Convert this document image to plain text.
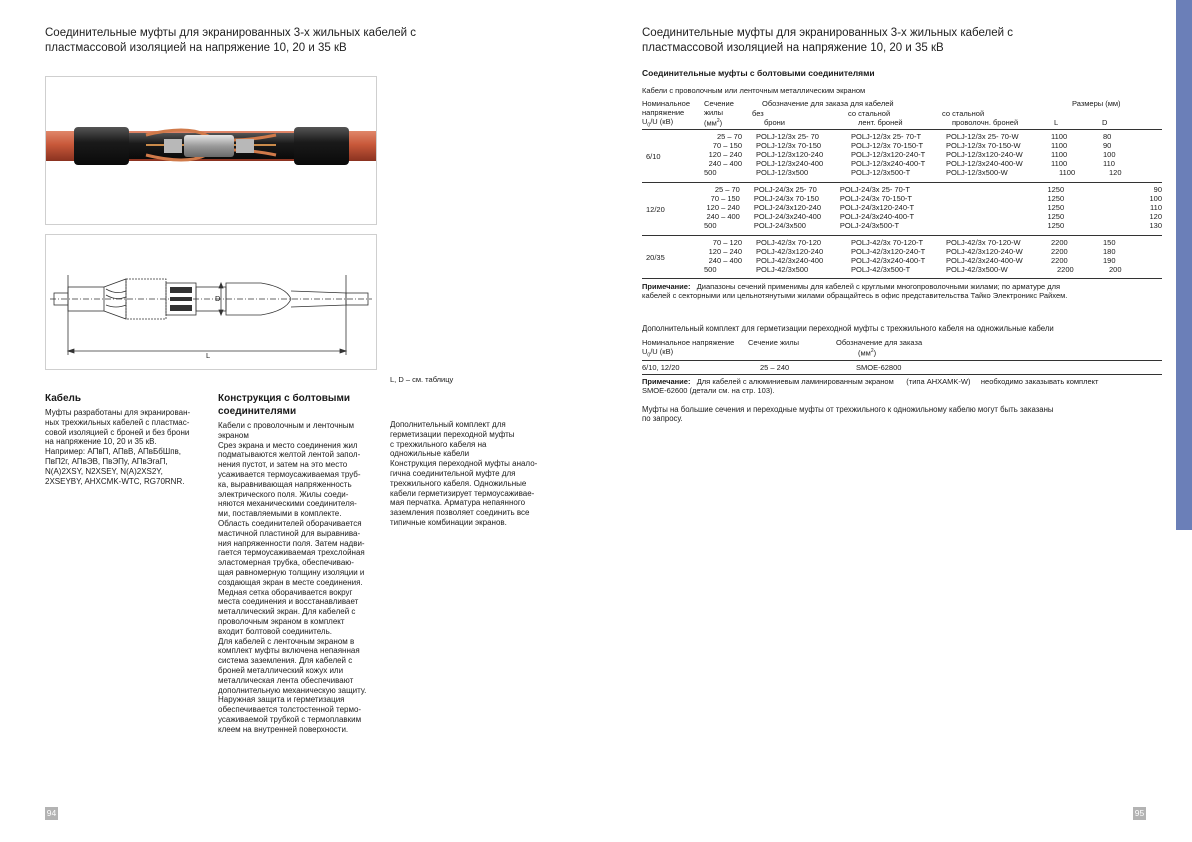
Соединительные муфты для экранированных 3-х жильных кабелей с
пластмассовой изоляцией на напряжение 10, 20 и 35 кВ
D
L
L, D – см. таблицу
Кабель
Муфты разработаны для экранирован-
ных трехжильных кабелей с пластмас-
совой изоляцией с броней и без брони
на напряжение 10, 20 и 35 кВ.
Например: АПвП, АПвВ, АПвБбШпв,
ПвП2г, АПвЭВ, ПвЭПу, АПвЭгаП,
N(A)2XSY, N2XSEY, N(A)2XS2Y,
2XSEYBY, AHXCMK-WTC, RG70RNR.
Конструкция с болтовыми
соединителями
Кабели с проволочным и ленточным
экраном
Срез экрана и место соединения жил
подматываются желтой лентой запол-
нения пустот, и затем на это место
усаживается термоусаживаемая труб-
ка, выравнивающая напряженность
электрического поля. Жилы соеди-
няются механическими соединителя-
ми, поставляемыми в комплекте.
Область соединителей оборачивается
мастичной пластиной для выравнива-
ния напряженности поля. Затем надви-
гается термоусаживаемая трехслойная
эластомерная трубка, обеспечиваю-
щая равномерную толщину изоляции и
создающая экран в месте соединения.
Медная сетка оборачивается вокруг
места соединения и восстанавливает
металлический экран. Для кабелей с
проволочным экраном в комплект
входит болтовой соединитель.
Для кабелей с ленточным экраном в
комплект муфты включена непаянная
система заземления. Для кабелей с
броней металлический кожух или
металлическая лента обеспечивают
дополнительную механическую защиту.
Наружная защита и герметизация
обеспечивается толстостенной термо-
усаживаемой трубкой с термоплавким
клеем на внутренней поверхности.
Дополнительный комплект для
герметизации переходной муфты
с трехжильного кабеля на
одножильные кабели
Конструкция переходной муфты анало-
гична соединительной муфте для
трехжильного кабеля. Одножильные
кабели герметизирует термоусаживае-
мая перчатка. Арматура непаянного
заземления позволяет соединить все
типичные комбинации экранов.
94
Соединительные муфты для экранированных 3-х жильных кабелей с
пластмассовой изоляцией на напряжение 10, 20 и 35 кВ
Соединительные муфты с болтовыми соединителями
Кабели с проволочным или ленточным металлическим экраном
Номинальное
напряжение
$U_0/U$ (кВ)
Сечение
жилы
$(мм^2)$
Обозначение для заказа для кабелей
без
брони
со стальной
лент. броней
со стальной
проволочн. броней
Размеры (мм)
L	D
6/10
25 – 70	POLJ-12/3x 25- 70	POLJ-12/3x 25- 70-T	POLJ-12/3x 25- 70-W	1100	80
70 – 150	POLJ-12/3x 70-150	POLJ-12/3x 70-150-T	POLJ-12/3x 70-150-W	1100	90
120 – 240	POLJ-12/3x120-240	POLJ-12/3x120-240-T	POLJ-12/3x120-240-W	1100	100
240 – 400	POLJ-12/3x240-400	POLJ-12/3x240-400-T	POLJ-12/3x240-400-W	1100	110
500	POLJ-12/3x500	POLJ-12/3x500-T	POLJ-12/3x500-W	1100	120
12/20
25 – 70	POLJ-24/3x 25- 70	POLJ-24/3x 25- 70-T	1250	90
70 – 150	POLJ-24/3x 70-150	POLJ-24/3x 70-150-T	1250	100
120 – 240	POLJ-24/3x120-240	POLJ-24/3x120-240-T	1250	110
240 – 400	POLJ-24/3x240-400	POLJ-24/3x240-400-T	1250	120
500	POLJ-24/3x500	POLJ-24/3x500-T	1250	130
20/35
70 – 120	POLJ-42/3x 70-120	POLJ-42/3x 70-120-T	POLJ-42/3x 70-120-W	2200	150
120 – 240	POLJ-42/3x120-240	POLJ-42/3x120-240-T	POLJ-42/3x120-240-W	2200	180
240 – 400	POLJ-42/3x240-400	POLJ-42/3x240-400-T	POLJ-42/3x240-400-W	2200	190
500	POLJ-42/3x500	POLJ-42/3x500-T	POLJ-42/3x500-W	2200	200
Примечание: Диапазоны сечений применимы для кабелей с круглыми многопроволочными жилами; по арматуре для
кабелей с секторными или цельнотянутыми жилами обращайтесь в офис представительства Тайко Электроникс Райхем.
Дополнительный комплект для герметизации переходной муфты с трехжильного кабеля на одножильные кабели
Номинальное напряжение
$U_0/U$ (кВ)
Сечение жилы	Обозначение для заказа
$(мм^2)$
6/10, 12/20	25 – 240	SMOE-62800
Примечание: Для кабелей с алюминиевым ламинированным экраном (типа AHXAMK-W) необходимо заказывать комплект
SMOE-62600 (детали см. на стр. 103).
Муфты на большие сечения и переходные муфты от трехжильного к одножильному кабелю могут быть заказаны
по запросу.
95
